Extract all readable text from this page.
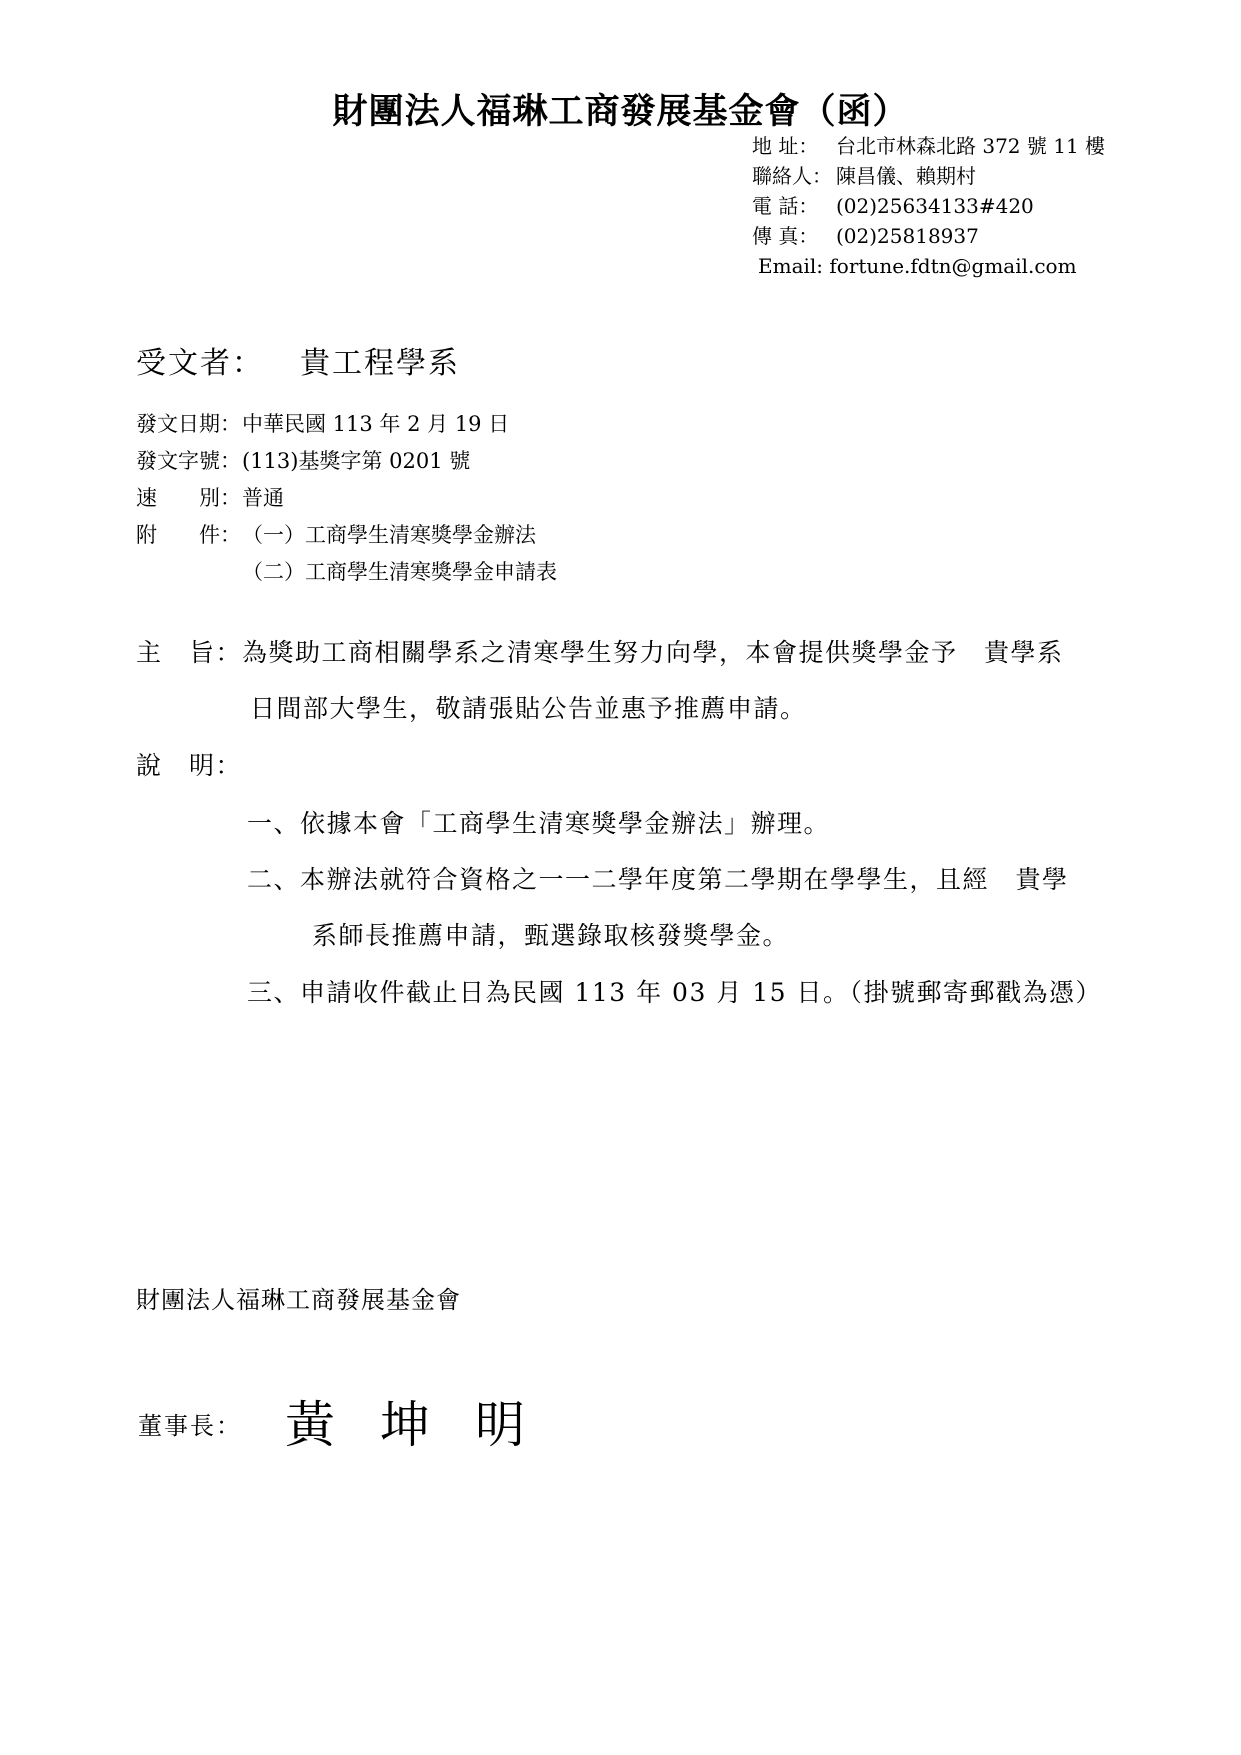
財團法人福琳工商發展基金會（函）
地 址： 台北市林森北路 372 號 11 樓
聯絡人： 陳昌儀、賴期村
電 話： (02)25634133#420
傳 真： (02)25818937
Email: fortune.fdtn@gmail.com
受文者： 貴工程學系
發文日期：中華民國 113 年 2 月 19 日
發文字號：(113)基獎字第 0201 號
速　　別：普通
附　　件：（一）工商學生清寒獎學金辦法
（二）工商學生清寒獎學金申請表
主　旨：為獎助工商相關學系之清寒學生努力向學，本會提供獎學金予　貴學系
日間部大學生，敬請張貼公告並惠予推薦申請。
說　明：
一、依據本會「工商學生清寒獎學金辦法」辦理。
二、本辦法就符合資格之一一二學年度第二學期在學學生，且經　貴學
系師長推薦申請，甄選錄取核發獎學金。
三、申請收件截止日為民國 113 年 03 月 15 日。（掛號郵寄郵戳為憑）
財團法人福琳工商發展基金會
董事長： 黃坤明
